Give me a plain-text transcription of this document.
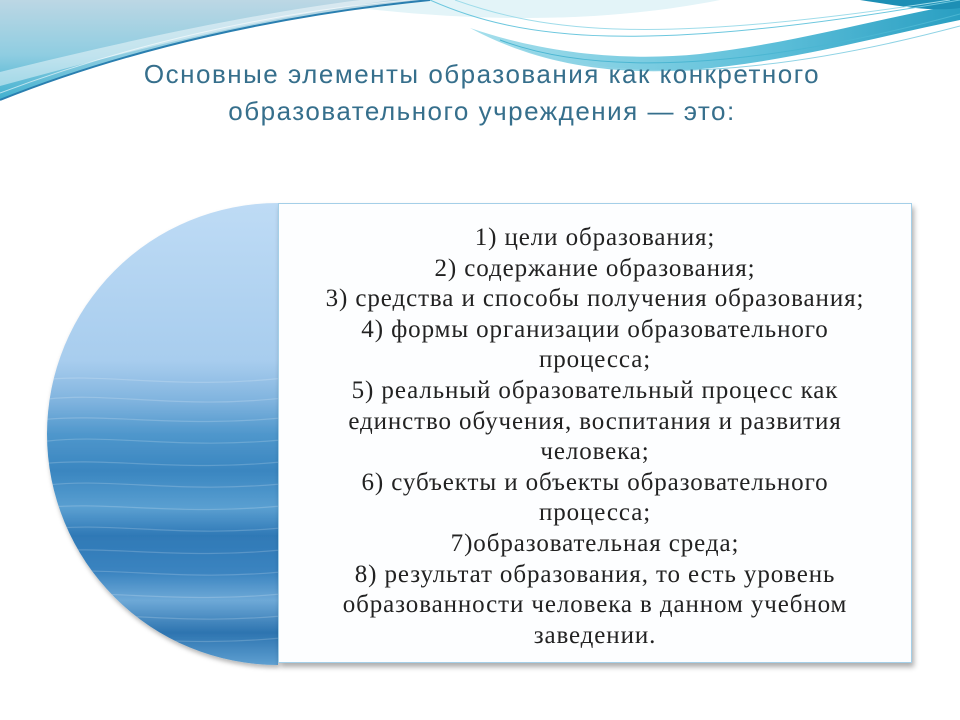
Основные элементы образования как конкретного
образовательного учреждения — это:
1) цели образования;
2) содержание образования;
3) средства и способы получения образования;
4) формы организации образовательного
процесса;
5) реальный образовательный процесс как
единство обучения, воспитания и развития
человека;
6) субъекты и объекты образовательного
процесса;
7)образовательная среда;
8) результат образования, то есть уровень
образованности человека в данном учебном
заведении.
